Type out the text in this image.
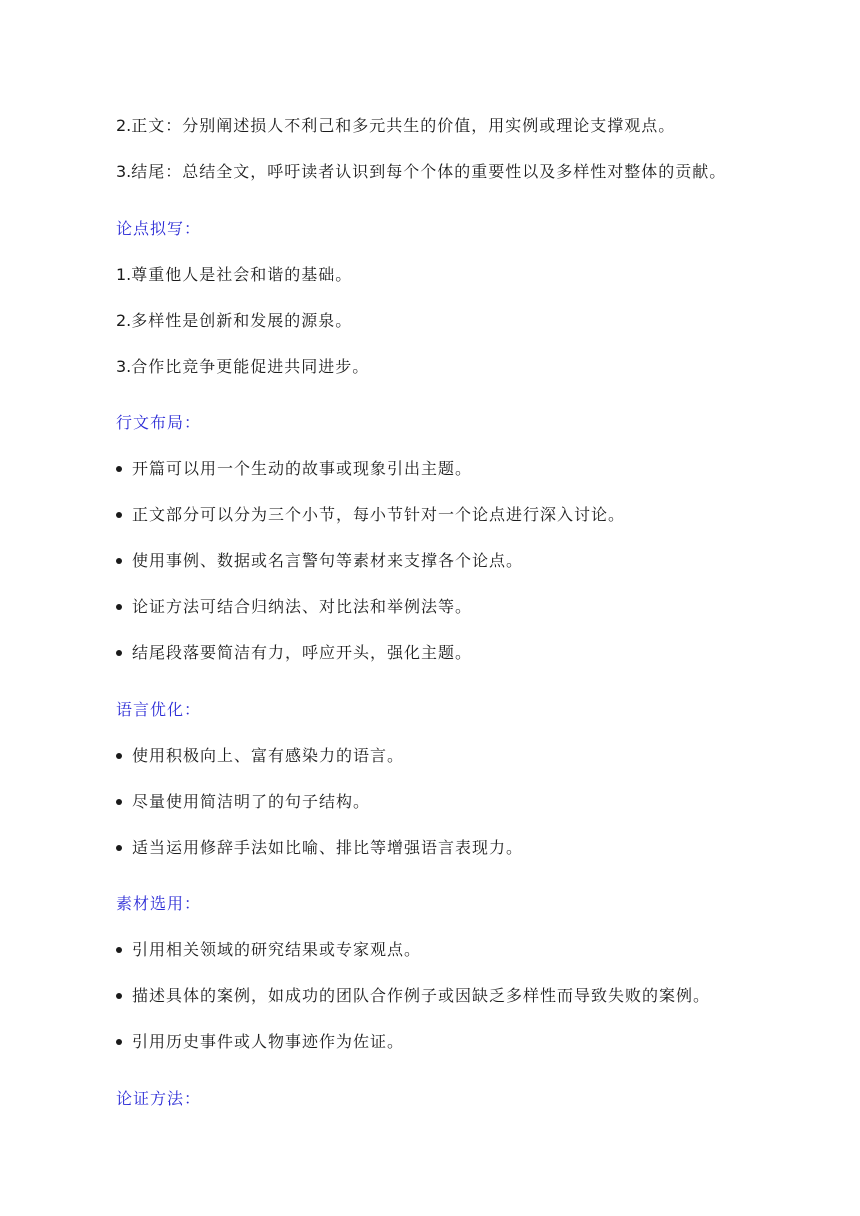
2.正文：分别阐述损人不利己和多元共生的价值，用实例或理论支撑观点。
3.结尾：总结全文，呼吁读者认识到每个个体的重要性以及多样性对整体的贡献。
论点拟写：
1.尊重他人是社会和谐的基础。
2.多样性是创新和发展的源泉。
3.合作比竞争更能促进共同进步。
行文布局：
开篇可以用一个生动的故事或现象引出主题。
正文部分可以分为三个小节，每小节针对一个论点进行深入讨论。
使用事例、数据或名言警句等素材来支撑各个论点。
论证方法可结合归纳法、对比法和举例法等。
结尾段落要简洁有力，呼应开头，强化主题。
语言优化：
使用积极向上、富有感染力的语言。
尽量使用简洁明了的句子结构。
适当运用修辞手法如比喻、排比等增强语言表现力。
素材选用：
引用相关领域的研究结果或专家观点。
描述具体的案例，如成功的团队合作例子或因缺乏多样性而导致失败的案例。
引用历史事件或人物事迹作为佐证。
论证方法：
